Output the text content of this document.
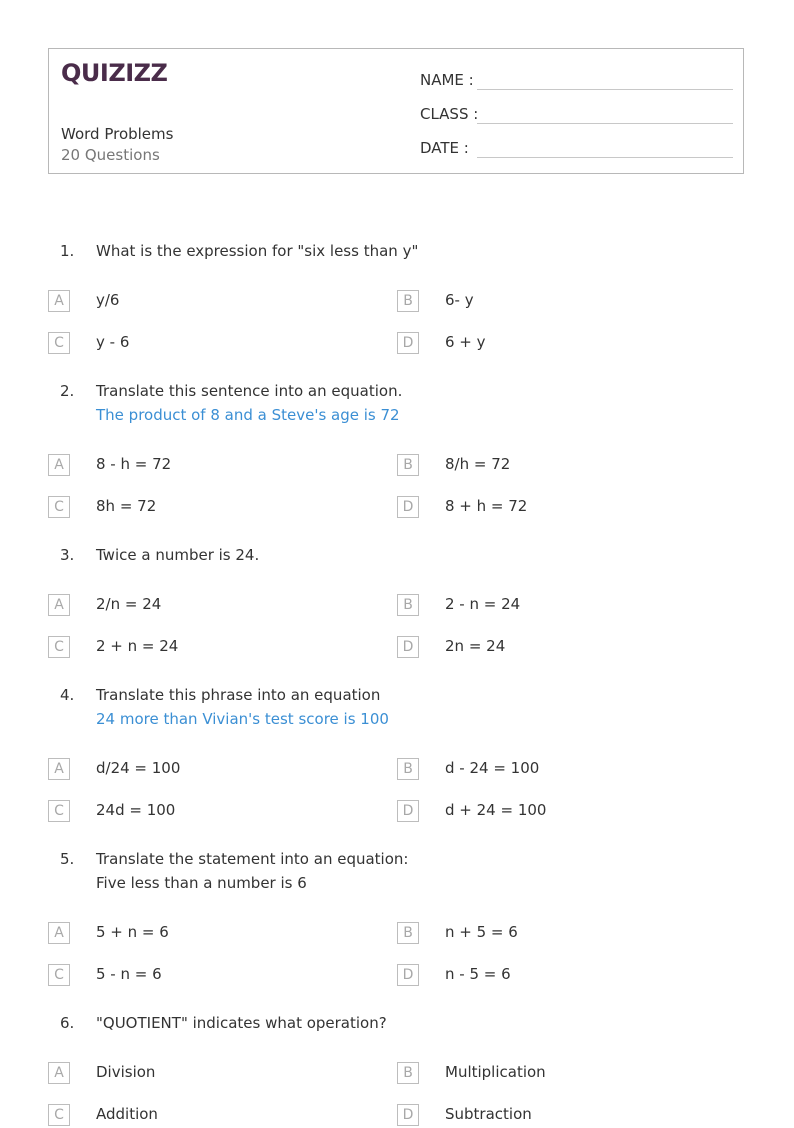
QUIZIZZ
Word Problems
20 Questions
NAME :
CLASS :
DATE :
1. What is the expression for "six less than y"
A	y/6	B	6- y
C	y - 6	D	6 + y
2. Translate this sentence into an equation.
The product of 8 and a Steve's age is 72
A	8 - h = 72	B	8/h = 72
C	8h = 72	D	8 + h = 72
3. Twice a number is 24.
A	2/n = 24	B	2 - n = 24
C	2 + n = 24	D	2n = 24
4. Translate this phrase into an equation
24 more than Vivian's test score is 100
A	d/24 = 100	B	d - 24 = 100
C	24d = 100	D	d + 24 = 100
5. Translate the statement into an equation:
Five less than a number is 6
A	5 + n = 6	B	n + 5 = 6
C	5 - n = 6	D	n - 5 = 6
6. "QUOTIENT" indicates what operation?
A	Division	B	Multiplication
C	Addition	D	Subtraction
